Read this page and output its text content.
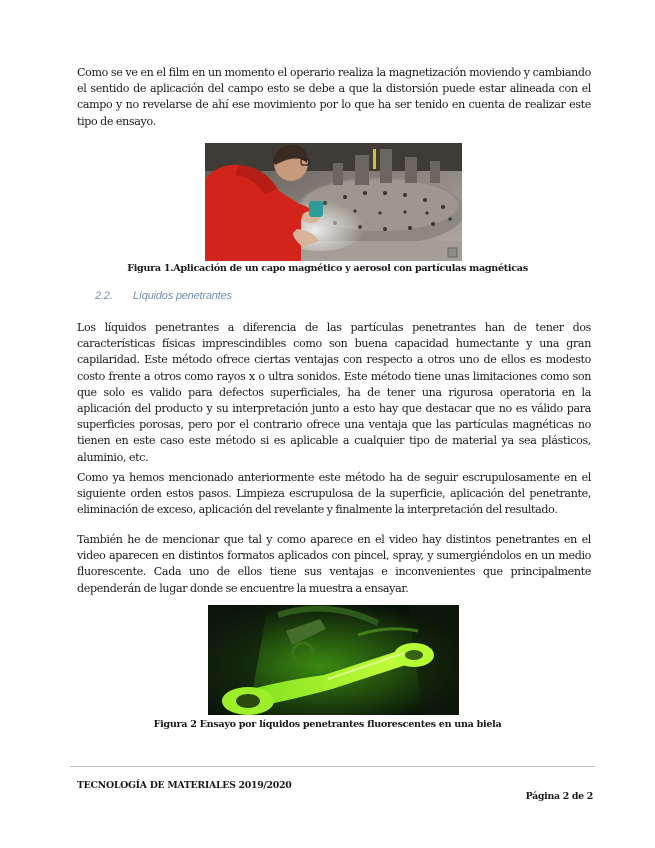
Como se ve en el film en un momento el operario realiza la magnetización moviendo y cambiando el sentido de aplicación del campo esto se debe a que la distorsión puede estar alineada con el campo y no revelarse de ahí ese movimiento por lo que ha ser tenido en cuenta de realizar este tipo de ensayo.

Figura 1.Aplicación de un capo magnético y aerosol con partículas magnéticas

2.2. Líquidos penetrantes

Los líquidos penetrantes a diferencia de las partículas penetrantes han de tener dos características físicas imprescindibles como son buena capacidad humectante y una gran capilaridad. Este método ofrece ciertas ventajas con respecto a otros uno de ellos es modesto costo frente a otros como rayos x o ultra sonidos. Este método tiene unas limitaciones como son que solo es valido para defectos superficiales, ha de tener una rigurosa operatoria en la aplicación del producto y su interpretación junto a esto hay que destacar que no es válido para superficies porosas, pero por el contrario ofrece una ventaja que las partículas magnéticas no tienen en este caso este método si es aplicable a cualquier tipo de material ya sea plásticos, aluminio, etc.

Como ya hemos mencionado anteriormente este método ha de seguir escrupulosamente en el siguiente orden estos pasos. Limpieza escrupulosa de la superficie, aplicación del penetrante, eliminación de exceso, aplicación del revelante y finalmente la interpretación del resultado.

También he de mencionar que tal y como aparece en el video hay distintos penetrantes en el video aparecen en distintos formatos aplicados con pincel, spray, y sumergiéndolos en un medio fluorescente. Cada uno de ellos tiene sus ventajas e inconvenientes que principalmente dependerán de lugar donde se encuentre la muestra a ensayar.

Figura 2 Ensayo por líquidos penetrantes fluorescentes en una biela

TECNOLOGÍA DE MATERIALES 2019/2020

Página 2 de 2
